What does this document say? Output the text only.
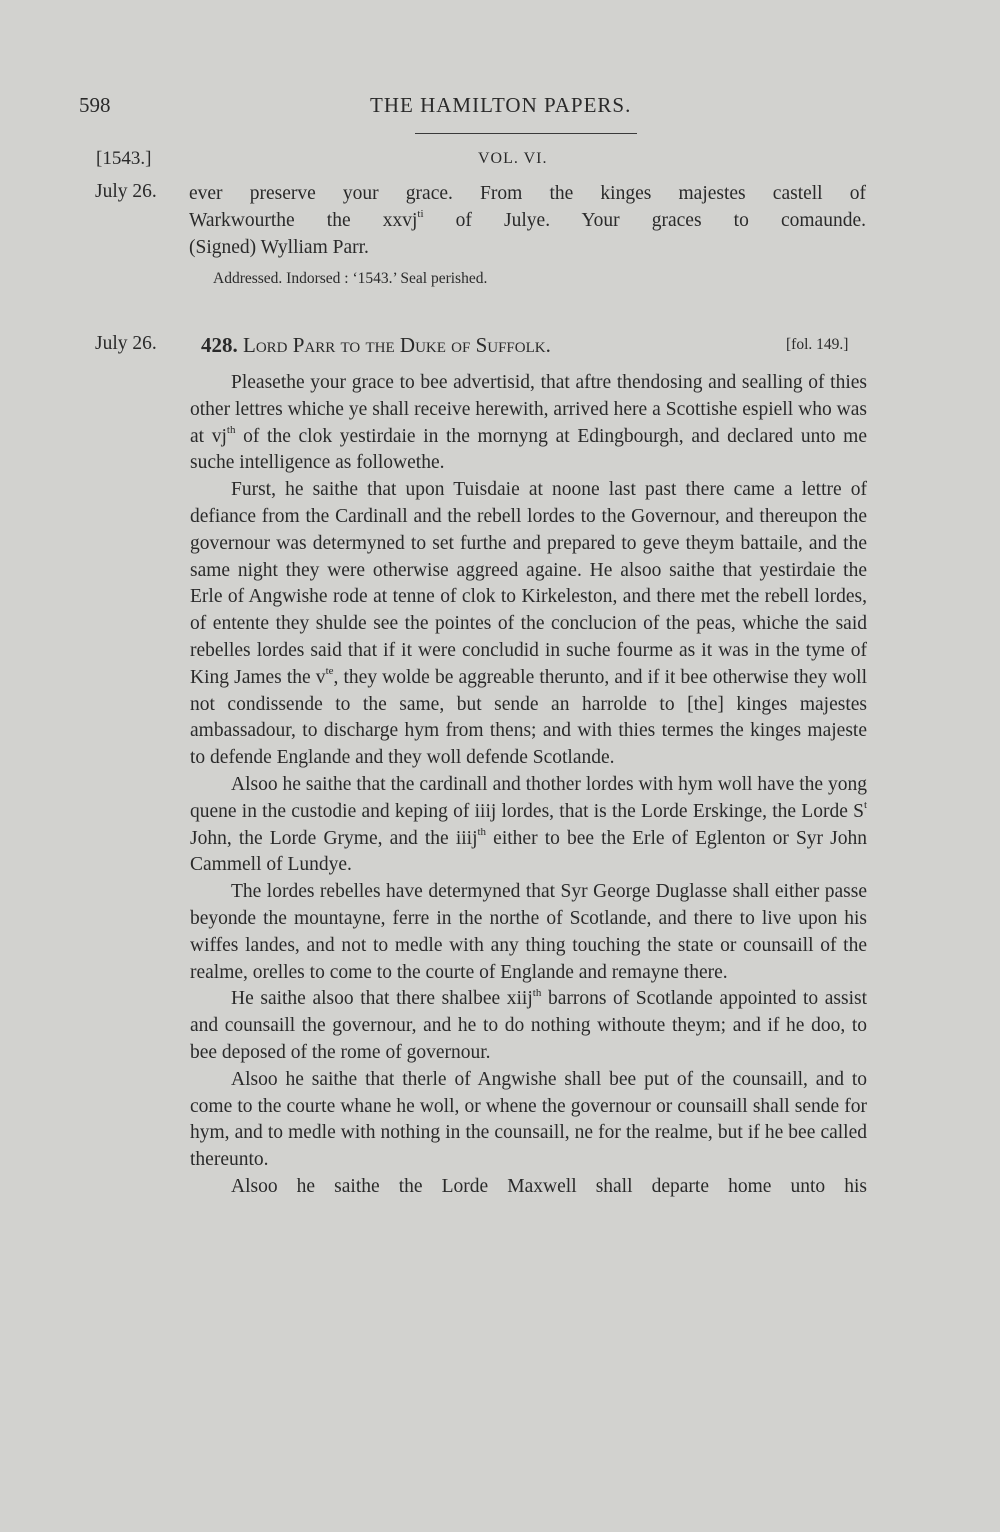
598	THE HAMILTON PAPERS.
[1543.]	VOL. VI.
July 26. ever preserve your grace. From the kinges majestes castell of
Warkwourthe the xxvj$^{ti}$ of Julye. Your graces to comaunde.
(Signed) Wylliam Parr.
Addressed. Indorsed : ‘1543.’ Seal perished.
July 26. 428. Lord Parr to the Duke of Suffolk.	[fol. 149.]

Pleasethe your grace to bee advertisid, that aftre thendosing and sealling of thies other lettres whiche ye shall receive herewith, arrived here a Scottishe espiell who was at $vj^{th}$ of the clok yestirdaie in the mornyng at Edingbourgh, and declared unto me suche intelligence as followethe.

Furst, he saithe that upon Tuisdaie at noone last past there came a lettre of defiance from the Cardinall and the rebell lordes to the Governour, and thereupon the governour was determyned to set furthe and prepared to geve theym battaile, and the same night they were otherwise aggreed againe. He alsoo saithe that yestirdaie the Erle of Angwishe rode at tenne of clok to Kirkeleston, and there met the rebell lordes, of entente they shulde see the pointes of the conclucion of the peas, whiche the said rebelles lordes said that if it were concludid in suche fourme as it was in the tyme of King James the $v^{te}$, they wolde be aggreable therunto, and if it bee otherwise they woll not condissende to the same, but sende an harrolde to [the] kinges majestes ambassadour, to discharge hym from thens; and with thies termes the kinges majeste to defende Englande and they woll defende Scotlande.

Alsoo he saithe that the cardinall and thother lordes with hym woll have the yong quene in the custodie and keping of iiij lordes, that is the Lorde Erskinge, the Lorde $S^t$ John, the Lorde Gryme, and the iiij$^{th}$ either to bee the Erle of Eglenton or Syr John Cammell of Lundye.

The lordes rebelles have determyned that Syr George Duglasse shall either passe beyonde the mountayne, ferre in the northe of Scotlande, and there to live upon his wiffes landes, and not to medle with any thing touching the state or counsaill of the realme, orelles to come to the courte of Englande and remayne there.

He saithe alsoo that there shalbee xiij$^{th}$ barrons of Scotlande appointed to assist and counsaill the governour, and he to do nothing withoute theym; and if he doo, to bee deposed of the rome of governour.

Alsoo he saithe that therle of Angwishe shall bee put of the counsaill, and to come to the courte whane he woll, or whene the governour or counsaill shall sende for hym, and to medle with nothing in the counsaill, ne for the realme, but if he bee called thereunto.

Alsoo he saithe the Lorde Maxwell shall departe home unto his
